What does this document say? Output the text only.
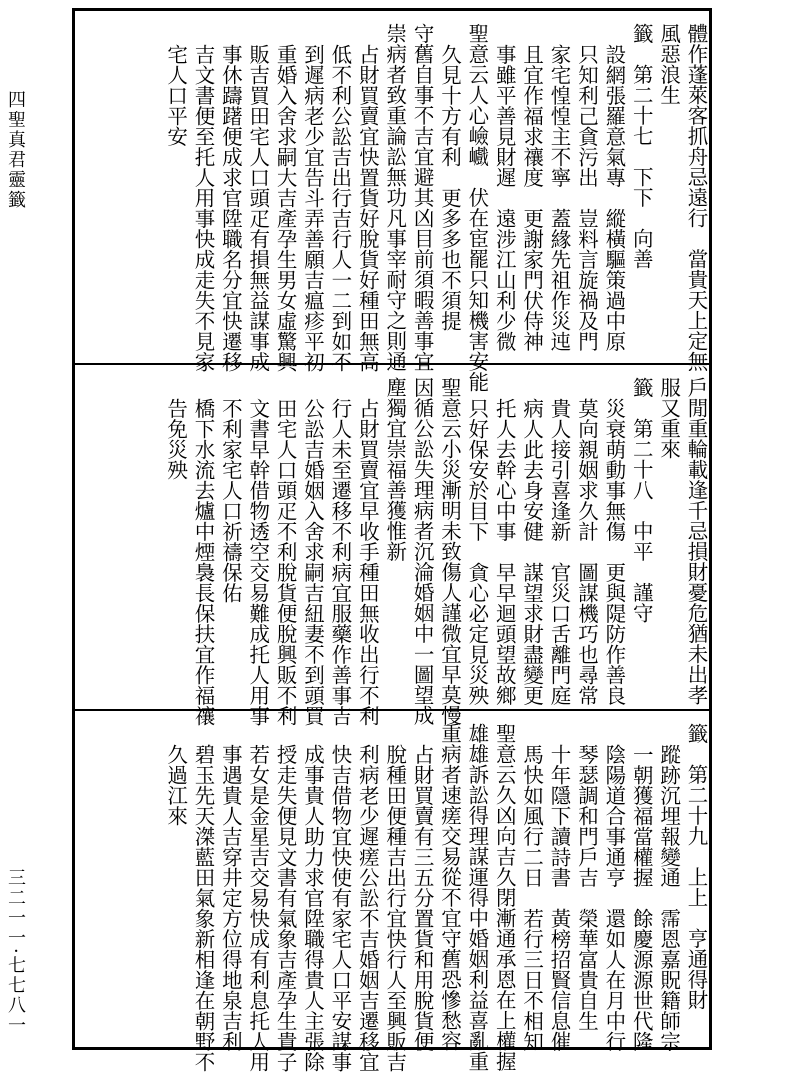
四聖真君靈籤
三二一一·七七八一
體作蓬萊客抓舟忌遠行　當貴天上定無
風惡浪生
籤　第二十七　下下　向善
設網張羅意氣專　縱橫驅策過中原
只知利己貪污出　豈料言旋禍及門
家宅惶惶主不寧　蓋緣先祖作災迍
且宜作福求禳度　更謝家門伏侍神
事雖平善見財遲　遠涉江山利少微
聖意云人心嶮巇　伏在宦罷只知機害安能
久見十方有利　更多多也不須提
守舊自事不吉宜避其凶目前須暇善事宜
崇病者致重論訟無功凡事宰耐守之則通
占財買賣宜快置貨好脫貨好種田無高
低不利公訟吉出行吉行人一二到如不
到遲病老少宜告斗弄善願吉瘟疹平初
重婚入舍求嗣大吉產孕生男女虛驚興
販吉買田宅人口頭疋有損無益謀事成
事休躊躇便成求官陞職名分宜快遷移
吉文書便至托人用事快成走失不見家
宅人口平安
戶閒重輪載逢千忌損財憂危猶未出孝
服又重來
籤　第二十八　中平　謹守
災衰萌動事無傷　更與隄防作善良
莫向親姻求久計　圖謀機巧也尋常
貴人接引喜逢新　官災口舌離門庭
病人此去身安健　謀望求財盡變更
托人去幹心中事　早早迴頭望故鄉
只好保安於目下　貪心必定見災殃
聖意云小災漸明未致傷人謹微宜早莫慢
因循公訟失理病者沉淪婚姻中一圖望成
塵獨宜崇福善獲惟新
占財買賣宜早收手種田無收出行不利
行人未至遷移不利病宜服藥作善事吉
公訟吉婚姻入舍求嗣吉紐妻不到頭買
田宅人口頭疋不利脫貨便脫興販不利
文書早幹借物透空交易難成托人用事
不利家宅人口祈禱保佑
橋下水流去爐中煙裊長保扶宜作福禳
告免災殃
籤　第二十九　上上　亨通得財
蹤跡沉埋報變通　霈恩嘉貺籍師宗
一朝獲福當權握　餘慶源源世代隆
陰陽道合事通亨　還如人在月中行
琴瑟調和門戶吉　榮華富貴自生
十年隱下讀詩書　黃榜招賢信息催
馬快如風行二日　若行三日不相知
聖意云久凶向吉久閉漸通承恩在上權握
雄雄訴訟得理謀運得中婚姻利益喜亂重
重病者速瘥交易從不宜守舊恐慘愁容
占財買賣有三五分置貨和用脫貨便
脫種田便種吉出行宜快行人至興販吉
利病老少遲瘥公訟不吉婚姻吉遷移宜
快吉借物宜快使有家宅人口平安謀事
成事貴人助力求官陞職得貴人主張除
授走失便見文書有氣象吉產孕生貴子
若女是金星吉交易快成有利息托人用
事遇貴人吉穿井定方位得地泉吉利
碧玉先天滐藍田氣象新相逢在朝野不
久過江來
